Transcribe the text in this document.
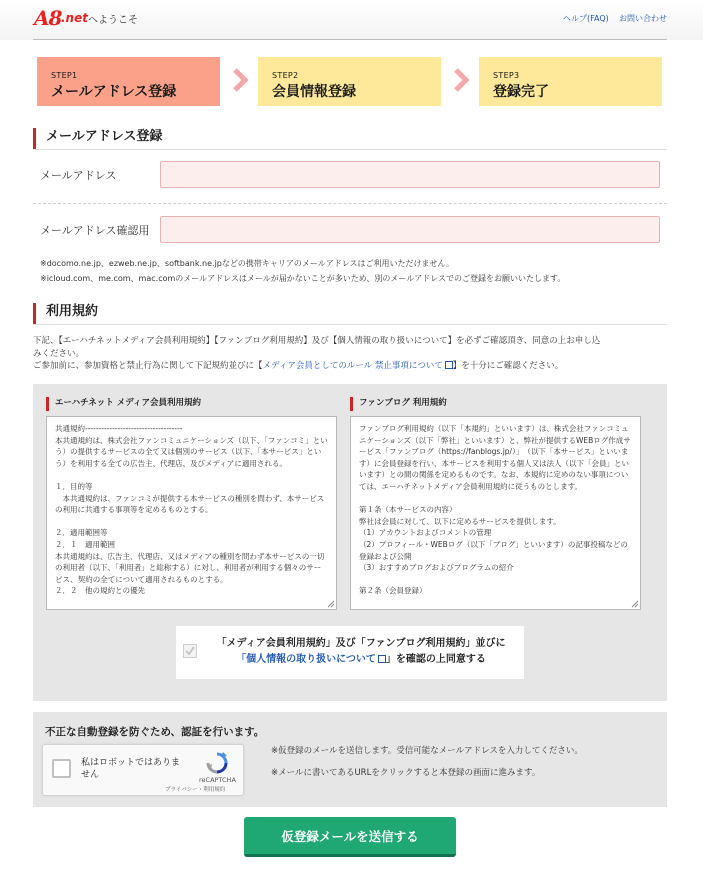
A8 .net へようこそ	ヘルプ(FAQ) お問い合わせ
STEP1
メールアドレス登録
STEP2
会員情報登録
STEP3
登録完了
メールアドレス登録
メールアドレス
メールアドレス確認用
※docomo.ne.jp、ezweb.ne.jp、softbank.ne.jpなどの携帯キャリアのメールアドレスはご利用いただけません。
※icloud.com、me.com、mac.comのメールアドレスはメールが届かないことが多いため、別のメールアドレスでのご登録をお願いいたします。
利用規約
下記、【エーハチネットメディア会員利用規約】【ファンブログ利用規約】及び【個人情報の取り扱いについて】を必ずご確認頂き、同意の上お申し込
みください。
ご参加前に、参加資格と禁止行為に関して下記規約並びに【メディア会員としてのルール 禁止事項について 】を十分にご確認ください。
エーハチネット メディア会員利用規約
共通規約------------------------------------
本共通規約は、株式会社ファンコミュニケーションズ（以下、「ファンコミ」という）の提供するサービスの全て又は個別のサービス（以下、「本サービス」という）を利用する全ての広告主、代理店、及びメディアに適用される。

１．目的等
　本共通規約は、ファンコミが提供する本サービスの種別を問わず、本サービスの利用に共通する事項等を定めるものとする。

２．適用範囲等
２．１　適用範囲
本共通規約は、広告主、代理店、又はメディアの種別を問わず本サービスの一切の利用者（以下、「利用者」と総称する）に対し、利用者が利用する個々のサービス、契約の全てについて適用されるものとする。
２．２　他の規約との優先
ファンブログ 利用規約
ファンブログ利用規約（以下「本規約」といいます）は、株式会社ファンコミュニケーションズ（以下「弊社」といいます）と、弊社が提供するWEBログ作成サービス「ファンブログ（https://fanblogs.jp/）」　（以下「本サービス」といいます）に会員登録を行い、本サービスを利用する個人又は法人（以下「会員」といいます）との間の関係を定めるものです。なお、本規約に定めのない事項については、エーハチネットメディア会員利用規約に従うものとします。

第１条（本サービスの内容）
弊社は会員に対して、以下に定めるサービスを提供します。
（1）アカウントおよびコメントの管理
（2）プロフィール・WEBログ（以下「ブログ」といいます）の記事投稿などの登録および公開
（3）おすすめブログおよびプログラムの紹介

第２条（会員登録）
「メディア会員利用規約」及び「ファンブログ利用規約」並びに
「個人情報の取り扱いについて 」を確認の上同意する
不正な自動登録を防ぐため、認証を行います。
私はロボットではありません	reCAPTCHA
プライバシー・利用規約
※仮登録のメールを送信します。受信可能なメールアドレスを入力してください。
※メールに書いてあるURLをクリックすると本登録の画面に進みます。
仮登録メールを送信する
